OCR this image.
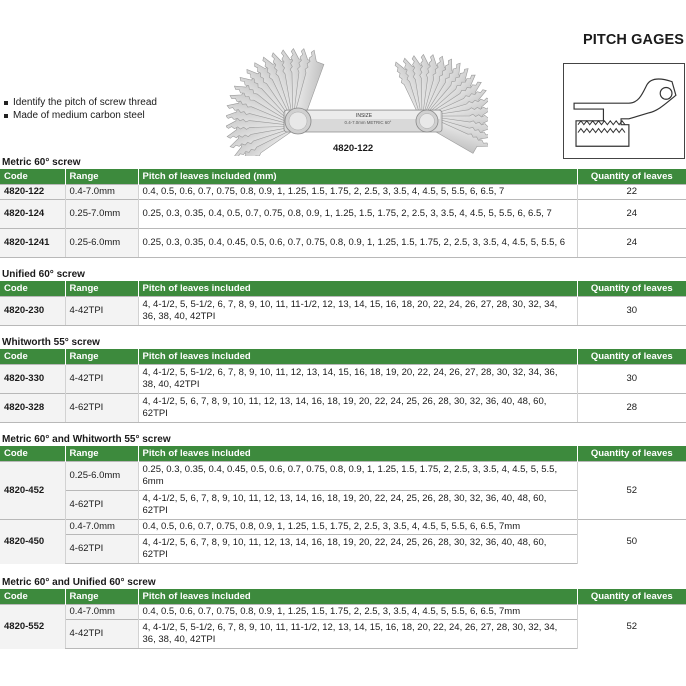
PITCH GAGES
INSIZE
0.4-7.0mm METRIC 60°
4820-122
Identify the pitch of screw thread
Made of medium carbon steel
Metric 60° screw
Code	Range	Pitch of leaves included (mm)	Quantity of leaves
4820-122	0.4-7.0mm	0.4, 0.5, 0.6, 0.7, 0.75, 0.8, 0.9, 1, 1.25, 1.5, 1.75, 2, 2.5, 3, 3.5, 4, 4.5, 5, 5.5, 6, 6.5, 7	22
4820-124	0.25-7.0mm	0.25, 0.3, 0.35, 0.4, 0.5, 0.7, 0.75, 0.8, 0.9, 1, 1.25, 1.5, 1.75, 2, 2.5, 3, 3.5, 4, 4.5, 5, 5.5, 6, 6.5, 7	24
4820-1241	0.25-6.0mm	0.25, 0.3, 0.35, 0.4, 0.45, 0.5, 0.6, 0.7, 0.75, 0.8, 0.9, 1, 1.25, 1.5, 1.75, 2, 2.5, 3, 3.5, 4, 4.5, 5, 5.5, 6	24
Unified 60° screw
Code	Range	Pitch of leaves included	Quantity of leaves
4820-230	4-42TPI	4, 4-1/2, 5, 5-1/2, 6, 7, 8, 9, 10, 11, 11-1/2, 12, 13, 14, 15, 16, 18, 20, 22, 24, 26, 27, 28, 30, 32, 34, 36, 38, 40, 42TPI	30
Whitworth 55° screw
Code	Range	Pitch of leaves included	Quantity of leaves
4820-330	4-42TPI	4, 4-1/2, 5, 5-1/2, 6, 7, 8, 9, 10, 11, 12, 13, 14, 15, 16, 18, 19, 20, 22, 24, 26, 27, 28, 30, 32, 34, 36, 38, 40, 42TPI	30
4820-328	4-62TPI	4, 4-1/2, 5, 6, 7, 8, 9, 10, 11, 12, 13, 14, 16, 18, 19, 20, 22, 24, 25, 26, 28, 30, 32, 36, 40, 48, 60, 62TPI	28
Metric 60° and Whitworth 55° screw
Code	Range	Pitch of leaves included	Quantity of leaves
4820-452	0.25-6.0mm	0.25, 0.3, 0.35, 0.4, 0.45, 0.5, 0.6, 0.7, 0.75, 0.8, 0.9, 1, 1.25, 1.5, 1.75, 2, 2.5, 3, 3.5, 4, 4.5, 5, 5.5, 6mm	52
	4-62TPI	4, 4-1/2, 5, 6, 7, 8, 9, 10, 11, 12, 13, 14, 16, 18, 19, 20, 22, 24, 25, 26, 28, 30, 32, 36, 40, 48, 60, 62TPI	
4820-450	0.4-7.0mm	0.4, 0.5, 0.6, 0.7, 0.75, 0.8, 0.9, 1, 1.25, 1.5, 1.75, 2, 2.5, 3, 3.5, 4, 4.5, 5, 5.5, 6, 6.5, 7mm	50
	4-62TPI	4, 4-1/2, 5, 6, 7, 8, 9, 10, 11, 12, 13, 14, 16, 18, 19, 20, 22, 24, 25, 26, 28, 30, 32, 36, 40, 48, 60, 62TPI	
Metric 60° and Unified 60° screw
Code	Range	Pitch of leaves included	Quantity of leaves
4820-552	0.4-7.0mm	0.4, 0.5, 0.6, 0.7, 0.75, 0.8, 0.9, 1, 1.25, 1.5, 1.75, 2, 2.5, 3, 3.5, 4, 4.5, 5, 5.5, 6, 6.5, 7mm	52
	4-42TPI	4, 4-1/2, 5, 5-1/2, 6, 7, 8, 9, 10, 11, 11-1/2, 12, 13, 14, 15, 16, 18, 20, 22, 24, 26, 27, 28, 30, 32, 34, 36, 38, 40, 42TPI	
